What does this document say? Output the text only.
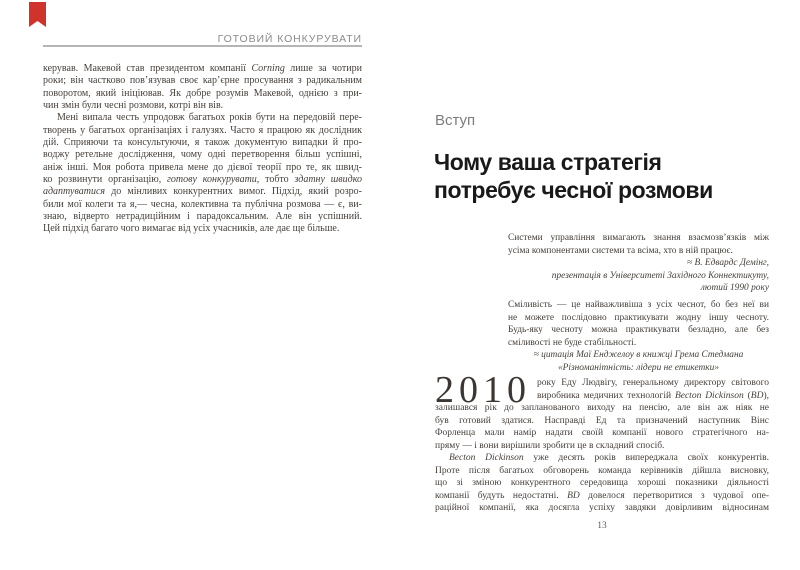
ГОТОВИЙ КОНКУРУВАТИ
керував. Макевой став президентом компанії Corning лише за чотири
роки; він частково пов’язував своє кар’єрне просування з радикальним
поворотом, який ініціював. Як добре розумів Макевой, однією з при-
чин змін були чесні розмови, котрі він вів.
Мені випала честь упродовж багатьох років бути на передовій пере-
творень у багатьох організаціях і галузях. Часто я працюю як дослідник
дій. Сприяючи та консультуючи, я також документую випадки й про-
воджу ретельне дослідження, чому одні перетворення більш успішні,
аніж інші. Моя робота привела мене до дієвої теорії про те, як швид-
ко розвинути організацію, готову конкурувати, тобто здатну швидко
адаптуватися до мінливих конкурентних вимог. Підхід, який розро-
били мої колеги та я,— чесна, колективна та публічна розмова — є, ви-
знаю, відверто нетрадиційним і парадоксальним. Але він успішний.
Цей підхід багато чого вимагає від усіх учасників, але дає ще більше.
Вступ
Чому ваша стратегія
потребує чесної розмови
Системи управління вимагають знання взаємозв’язків між
усіма компонентами системи та всіма, хто в ній працює.
≈ В. Едвардс Демінг,
презентація в Університеті Західного Коннектикуту,
лютий 1990 року
Сміливість — це найважливіша з усіх чеснот, бо без неї ви
не можете послідовно практикувати жодну іншу чесноту.
Будь-яку чесноту можна практикувати безладно, але без
сміливості не буде стабільності.
≈ цитація Маї Енджелоу в книжці Грема Стедмана
«Різноманітність: лідери не етикетки»
2010 року Еду Людвігу, генеральному директору світового
виробника медичних технологій Becton Dickinson (BD),
залишався рік до запланованого виходу на пенсію, але він аж ніяк не
був готовий здатися. Насправді Ед та призначений наступник Вінс
Форленца мали намір надати своїй компанії нового стратегічного на-
пряму — і вони вирішили зробити це в складний спосіб.
Becton Dickinson уже десять років випереджала своїх конкурентів.
Проте після багатьох обговорень команда керівників дійшла висновку,
що зі зміною конкурентного середовища хороші показники діяльності
компанії будуть недостатні. BD довелося перетворитися з чудової опе-
раційної компанії, яка досягла успіху завдяки довірливим відносинам
13
